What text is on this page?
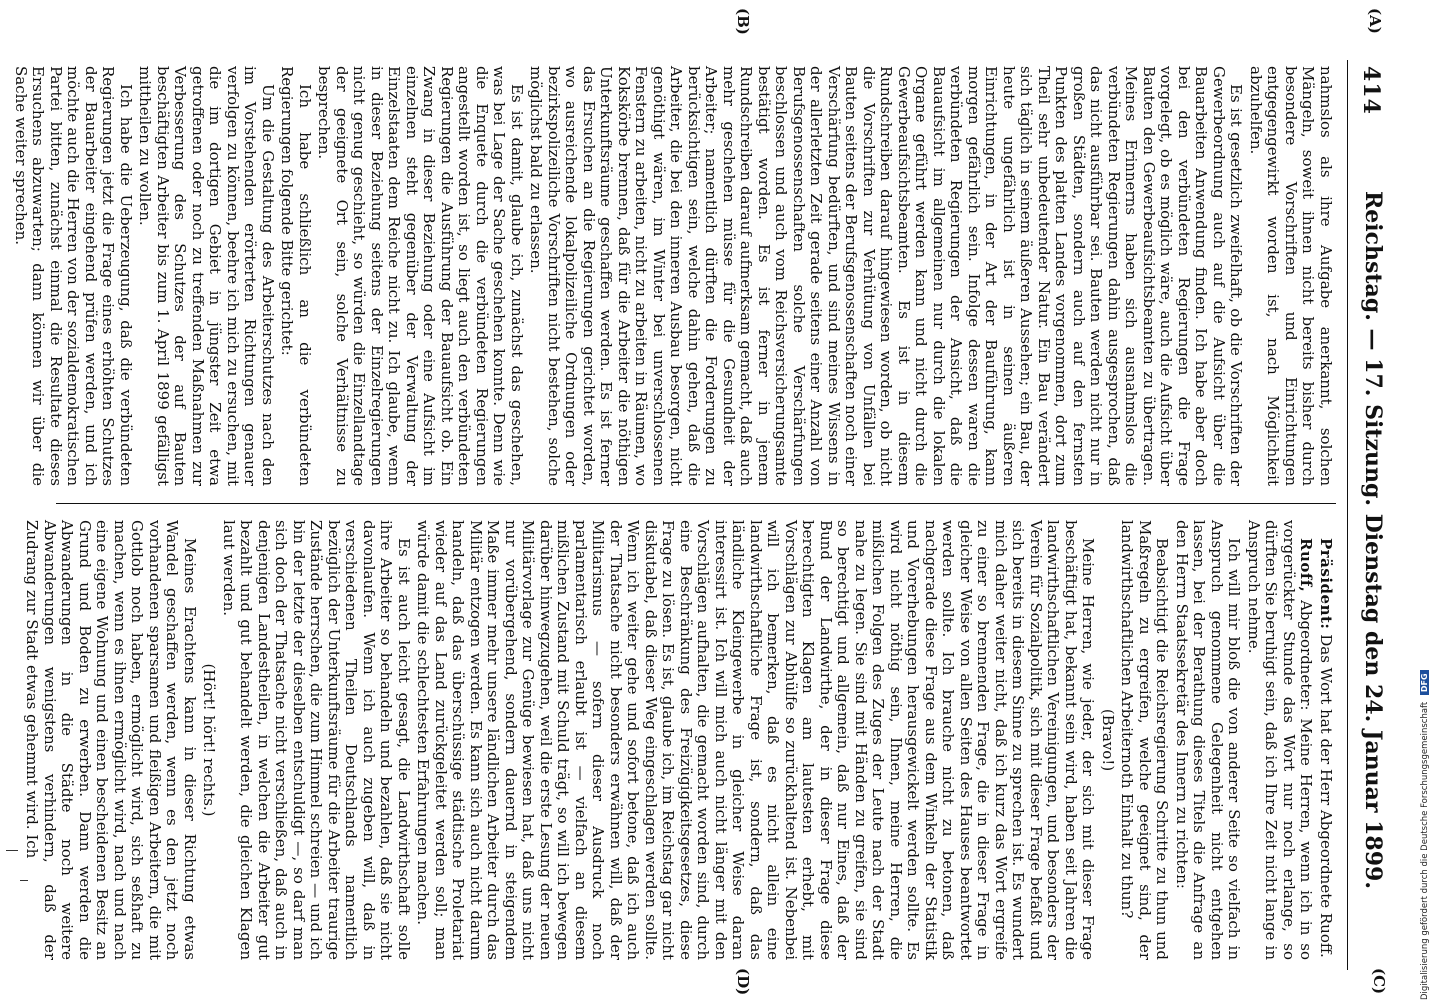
414
Reichstag. — 17. Sitzung. Dienstag den 24. Januar 1899.
(A)
(B)
(C)
(D)

nahmslos als ihre Aufgabe anerkannt, solchen Mängeln, soweit ihnen nicht bereits bisher durch besondere Vorschriften und Einrichtungen entgegengewirkt worden ist, nach Möglichkeit abzuhelfen.

Es ist gesetzlich zweifelhaft, ob die Vorschriften der Gewerbeordnung auch auf die Aufsicht über die Bauarbeiten Anwendung finden. Ich habe aber doch bei den verbündeten Regierungen die Frage vorgelegt, ob es möglich wäre, auch die Aufsicht über Bauten den Gewerbeaufsichtsbeamten zu übertragen. Meines Erinnerns haben sich ausnahmslos die verbündeten Regierungen dahin ausgesprochen, daß das nicht ausführbar sei. Bauten werden nicht nur in großen Städten, sondern auch auf den fernsten Punkten des platten Landes vorgenommen, dort zum Theil sehr unbedeutender Natur. Ein Bau verändert sich täglich in seinem äußeren Aussehen; ein Bau, der heute ungefährlich ist in seinen äußeren Einrichtungen, in der Art der Bauführung, kann morgen gefährlich sein. Infolge dessen waren die verbündeten Regierungen der Ansicht, daß die Bauaufsicht im allgemeinen nur durch die lokalen Organe geführt werden kann und nicht durch die Gewerbeaufsichtsbeamten. Es ist in diesem Rundschreiben darauf hingewiesen worden, ob nicht die Vorschriften zur Verhütung von Unfällen bei Bauten seitens der Berufsgenossenschaften noch einer Verschärfung bedürften, und sind meines Wissens in der allerletzten Zeit gerade seitens einer Anzahl von Berufsgenossenschaften solche Verschärfungen beschlossen und auch vom Reichsversicherungsamte bestätigt worden. Es ist ferner in jenem Rundschreiben darauf aufmerksam gemacht, daß auch mehr geschehen müsse für die Gesundheit der Arbeiter; namentlich dürften die Forderungen zu berücksichtigen sein, welche dahin gehen, daß die Arbeiter, die bei den inneren Ausbau besorgen, nicht genöthigt wären, im Winter bei unverschlossenen Fenstern zu arbeiten, nicht zu arbeiten in Räumen, wo Kokskörbe brennen, daß für die Arbeiter die nöthigen Unterkunftsräume geschaffen werden. Es ist ferner das Ersuchen an die Regierungen gerichtet worden, wo ausreichende lokalpolizeiliche Ordnungen oder bezirkspolizeiliche Vorschriften nicht bestehen, solche möglichst bald zu erlassen.

Es ist damit, glaube ich, zunächst das geschehen, was bei Lage der Sache geschehen konnte. Denn wie die Enquete durch die verbündeten Regierungen angestellt worden ist, so liegt auch den verbündeten Regierungen die Ausführung der Bauaufsicht ob. Ein Zwang in dieser Beziehung oder eine Aufsicht im einzelnen steht gegenüber der Verwaltung der Einzelstaaten dem Reiche nicht zu. Ich glaube, wenn in dieser Beziehung seitens der Einzelregierungen nicht genug geschieht, so würden die Einzellandtage der geeignete Ort sein, solche Verhältnisse zu besprechen.

Ich habe schließlich an die verbündeten Regierungen folgende Bitte gerichtet:

Um die Gestaltung des Arbeiterschutzes nach den im Vorstehenden erörterten Richtungen genauer verfolgen zu können, beehre ich mich zu ersuchen, mit die im dortigen Gebiet in jüngster Zeit etwa getroffenen oder noch zu treffenden Maßnahmen zur Verbesserung des Schutzes der auf Bauten beschäftigten Arbeiter bis zum 1. April 1899 gefälligst mittheilen zu wollen.

Ich habe die Ueberzeugung, daß die verbündeten Regierungen jetzt die Frage eines erhöhten Schutzes der Bauarbeiter eingehend prüfen werden, und ich möchte auch die Herren von der sozialdemokratischen Partei bitten, zunächst einmal die Resultate dieses Ersuchens abzuwarten; dann können wir über die Sache weiter sprechen.

Präsident: Das Wort hat der Herr Abgeordnete Ruoff.

Ruoff, Abgeordneter: Meine Herren, wenn ich in so vorgerückter Stunde das Wort nur noch erlange, so dürften Sie beruhigt sein, daß ich Ihre Zeit nicht lange in Anspruch nehme.

Ich will mir bloß die von anderer Seite so vielfach in Anspruch genommene Gelegenheit nicht entgehen lassen, bei der Berathung dieses Titels die Anfrage an den Herrn Staatssekretär des Innern zu richten:

Beabsichtigt die Reichsregierung Schritte zu thun und Maßregeln zu ergreifen, welche geeignet sind, der landwirthschaftlichen Arbeiternoth Einhalt zu thun?

(Bravo!)

Meine Herren, wie jeder, der sich mit dieser Frage beschäftigt hat, bekannt sein wird, haben seit Jahren die landwirthschaftlichen Vereinigungen, und besonders der Verein für Sozialpolitik, sich mit dieser Frage befaßt und sich bereits in diesem Sinne zu sprechen ist. Es wundert mich daher weiter nicht, daß ich kurz das Wort ergreife zu einer so brennenden Frage, die in dieser Frage in gleicher Weise von allen Seiten des Hauses beantwortet werden sollte. Ich brauche nicht zu betonen, daß nachgerade diese Frage aus dem Winkeln der Statistik und Vorerhebungen herausgewickelt werden sollte. Es wird nicht nöthig sein, Ihnen, meine Herren, die mißlichen Folgen des Zuges der Leute nach der Stadt nahe zu legen. Sie sind mit Händen zu greifen, sie sind so berechtigt und allgemein, daß nur Eines, daß der Bund der Landwirthe, der in dieser Frage diese berechtigten Klagen am lautesten erhebt, mit Vorschlägen zur Abhülfe so zurückhaltend ist. Nebenbei will ich bemerken, daß es nicht allein eine landwirthschaftliche Frage ist, sondern, daß das ländliche Kleingewerbe in gleicher Weise daran interessirt ist. Ich will mich auch nicht länger mit den Vorschlägen aufhalten, die gemacht worden sind, durch eine Beschränkung des Freizügigkeitsgesetzes, diese Frage zu lösen. Es ist, glaube ich, im Reichstag gar nicht diskutabel, daß dieser Weg eingeschlagen werden sollte. Wenn ich weiter gehe und sofort betone, daß ich auch der Thatsache nicht besonders erwähnen will, daß der Militarismus — sofern dieser Ausdruck noch parlamentarisch erlaubt ist — vielfach an diesem mißlichen Zustand mit Schuld trägt, so will ich bewegen darüber hinwegzugehen, weil die erste Lesung der neuen Militärvorlage zur Genüge bewiesen hat, daß uns nicht nur vorübergehend, sondern dauernd in steigendem Maße immer mehr unsere ländlichen Arbeiter durch das Militär entzogen werden. Es kann sich auch nicht darum handeln, daß das überschüssige städtische Proletariat wieder auf das Land zurückgeleitet werden soll; man würde damit die schlechtesten Erfahrungen machen.

Es ist auch leicht gesagt, die Landwirthschaft solle ihre Arbeiter so behandeln und bezahlen, daß sie nicht davonlaufen. Wenn ich auch zugeben will, daß in verschiedenen Theilen Deutschlands namentlich bezüglich der Unterkunftsräume für die Arbeiter traurige Zustände herrschen, die zum Himmel schreien — und ich bin der letzte der dieselben entschuldigt —, so darf man sich doch der Thatsache nicht verschließen, daß auch in denjenigen Landestheilen, in welchen die Arbeiter gut bezahlt und gut behandelt werden, die gleichen Klagen laut werden.

(Hört! hört! rechts.)

Meines Erachtens kann in dieser Richtung etwas Wandel geschaffen werden, wenn es den jetzt noch vorhandenen sparsamen und fleißigen Arbeitern, die mit Gottlob noch haben, ermöglicht wird, sich seßhaft zu machen, wenn es ihnen ermöglicht wird, nach und nach eine eigene Wohnung und einen bescheidenen Besitz an Grund und Boden zu erwerben. Dann werden die Abwanderungen in die Städte noch weitere Abwanderungen wenigstens verhindern, daß der Zudrang zur Stadt etwas gehemmt wird. Ich	Digitalisierung gefördert durch die Deutsche Forschungsgemeinschaft DFG
